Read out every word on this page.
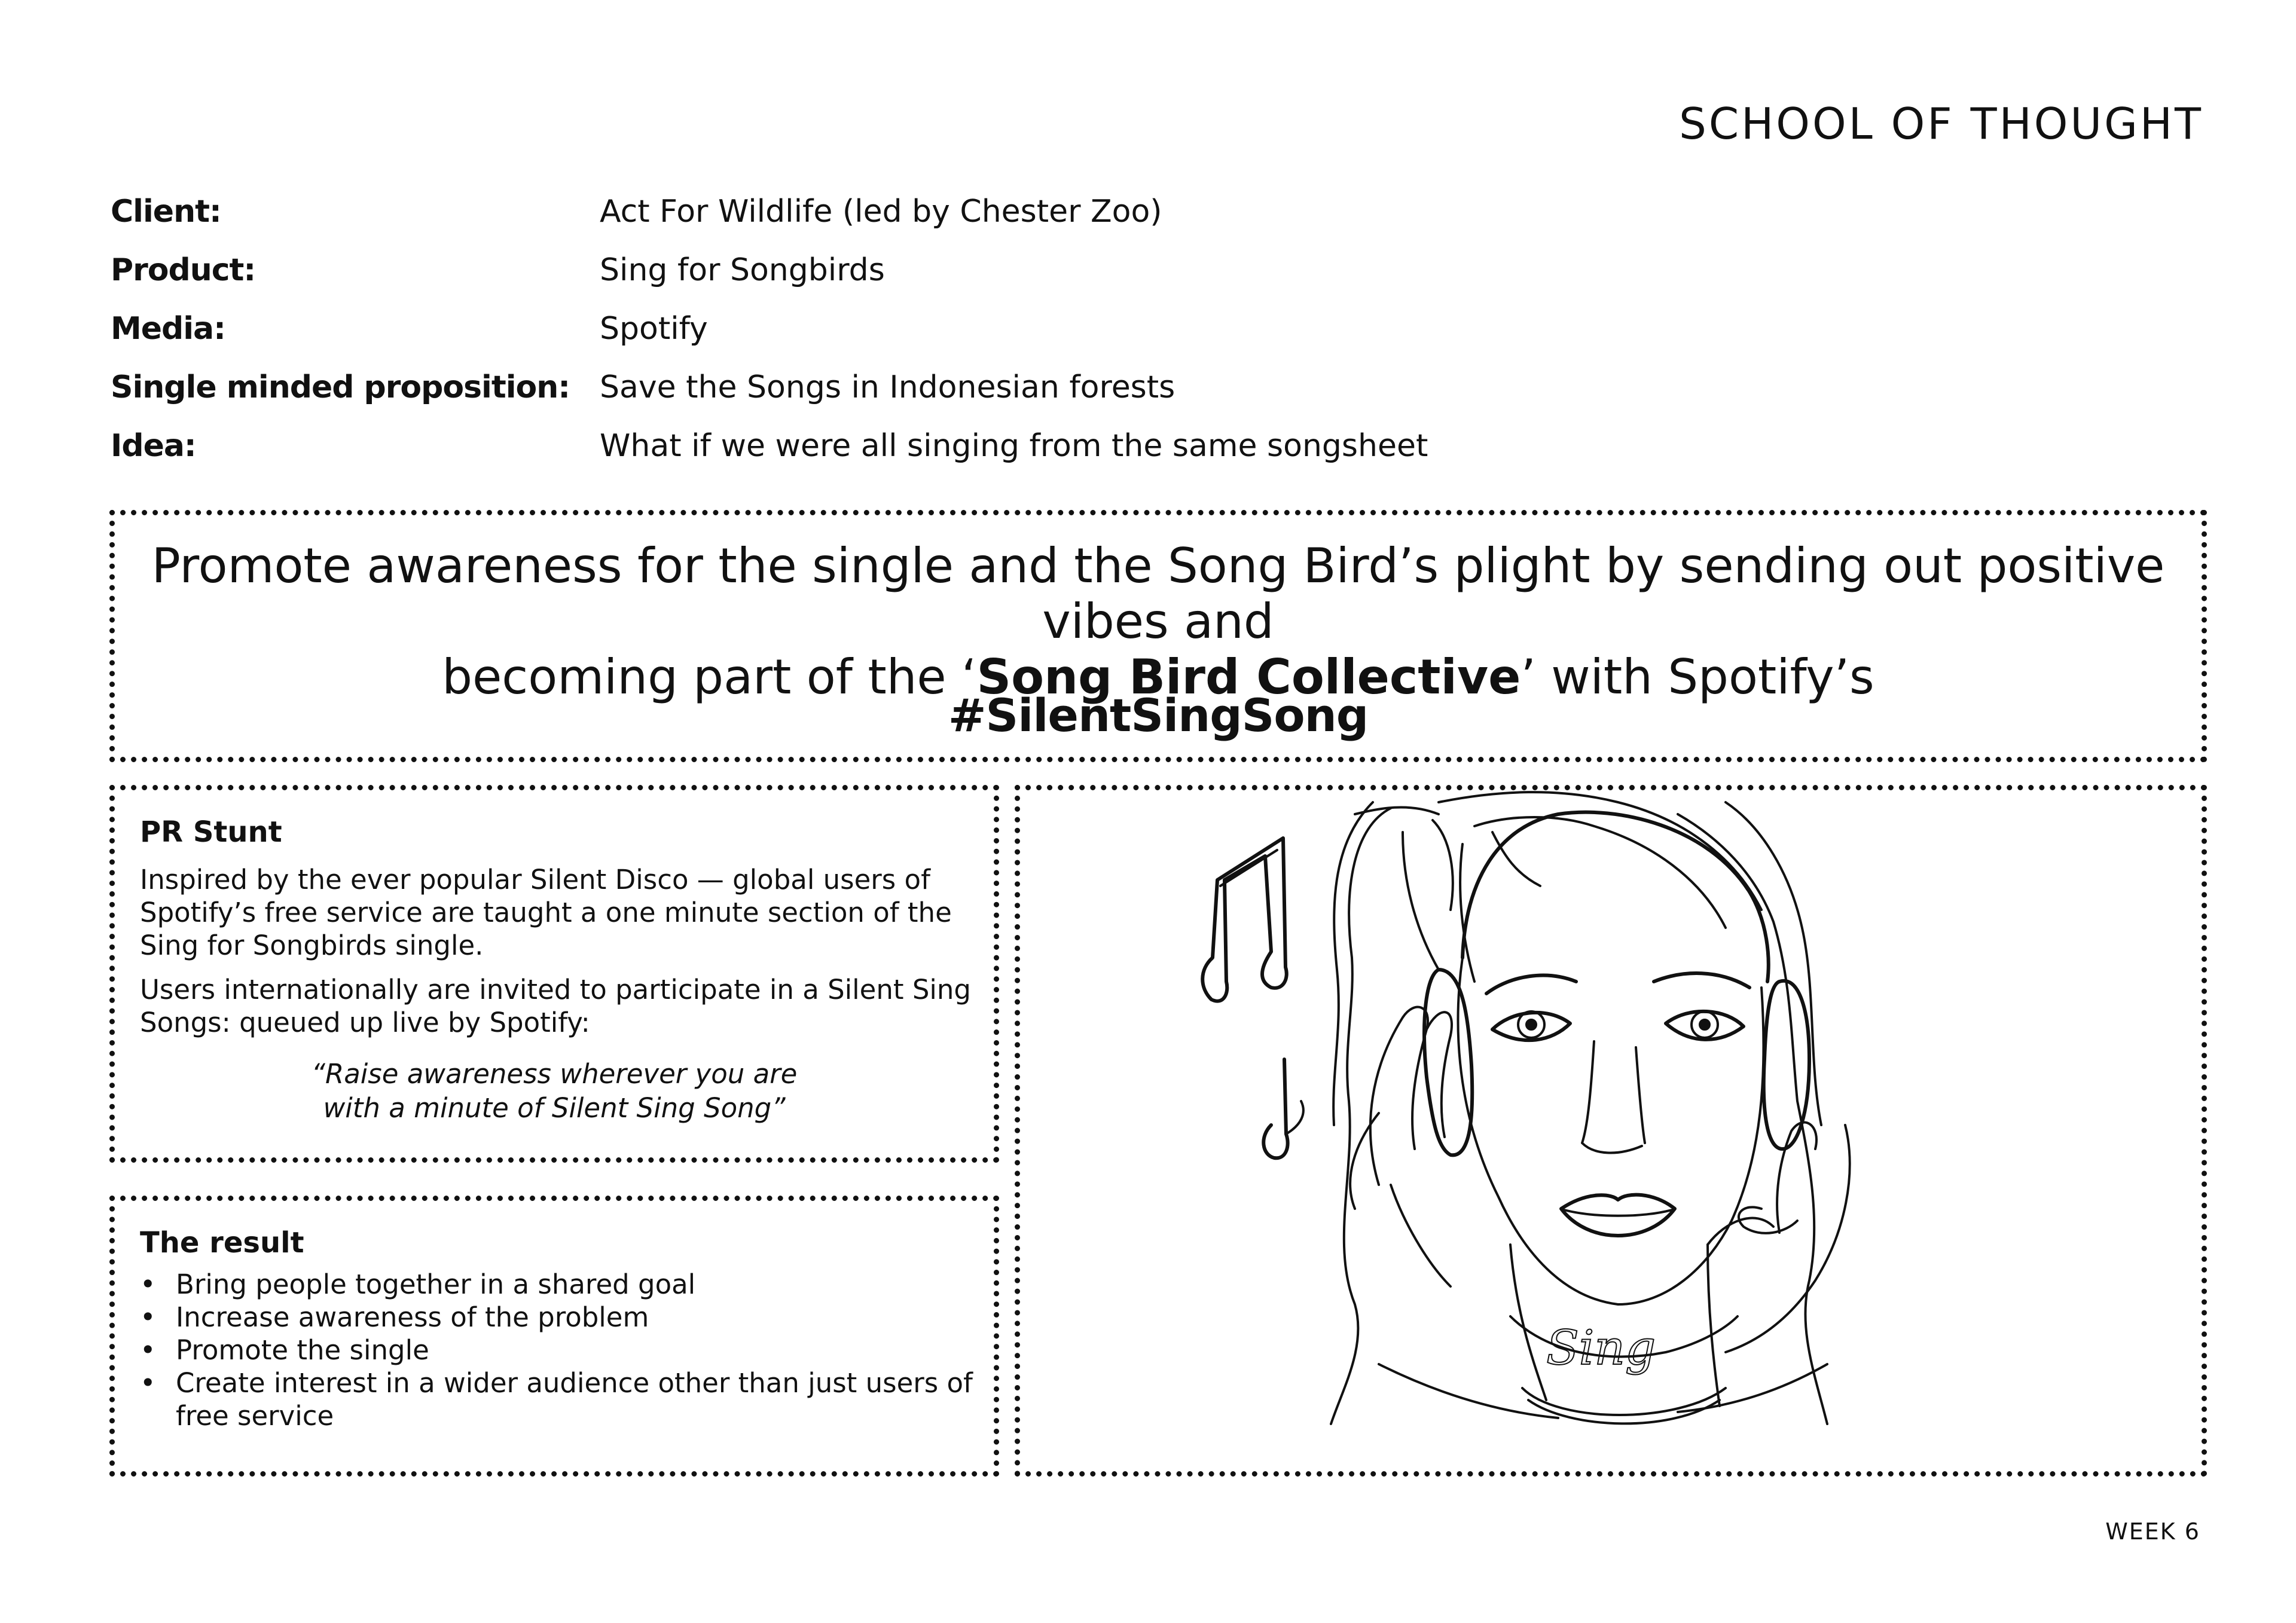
SCHOOL OF THOUGHT
Client:	Act For Wildlife (led by Chester Zoo)
Product:	Sing for Songbirds
Media:	Spotify
Single minded proposition: Save the Songs in Indonesian forests
Idea:	What if we were all singing from the same songsheet
Promote awareness for the single and the Song Bird’s plight by sending out positive vibes and
becoming part of the ‘Song Bird Collective’ with Spotify’s
#SilentSingSong
PR Stunt
Inspired by the ever popular Silent Disco — global users of Spotify’s free service are taught a one minute section of the Sing for Songbirds single.
Users internationally are invited to participate in a Silent Sing Songs: queued up live by Spotify:
“Raise awareness wherever you are
with a minute of Silent Sing Song”
The result
• Bring people together in a shared goal
• Increase awareness of the problem
• Promote the single
• Create interest in a wider audience other than just users of free service
Sing
WEEK 6
